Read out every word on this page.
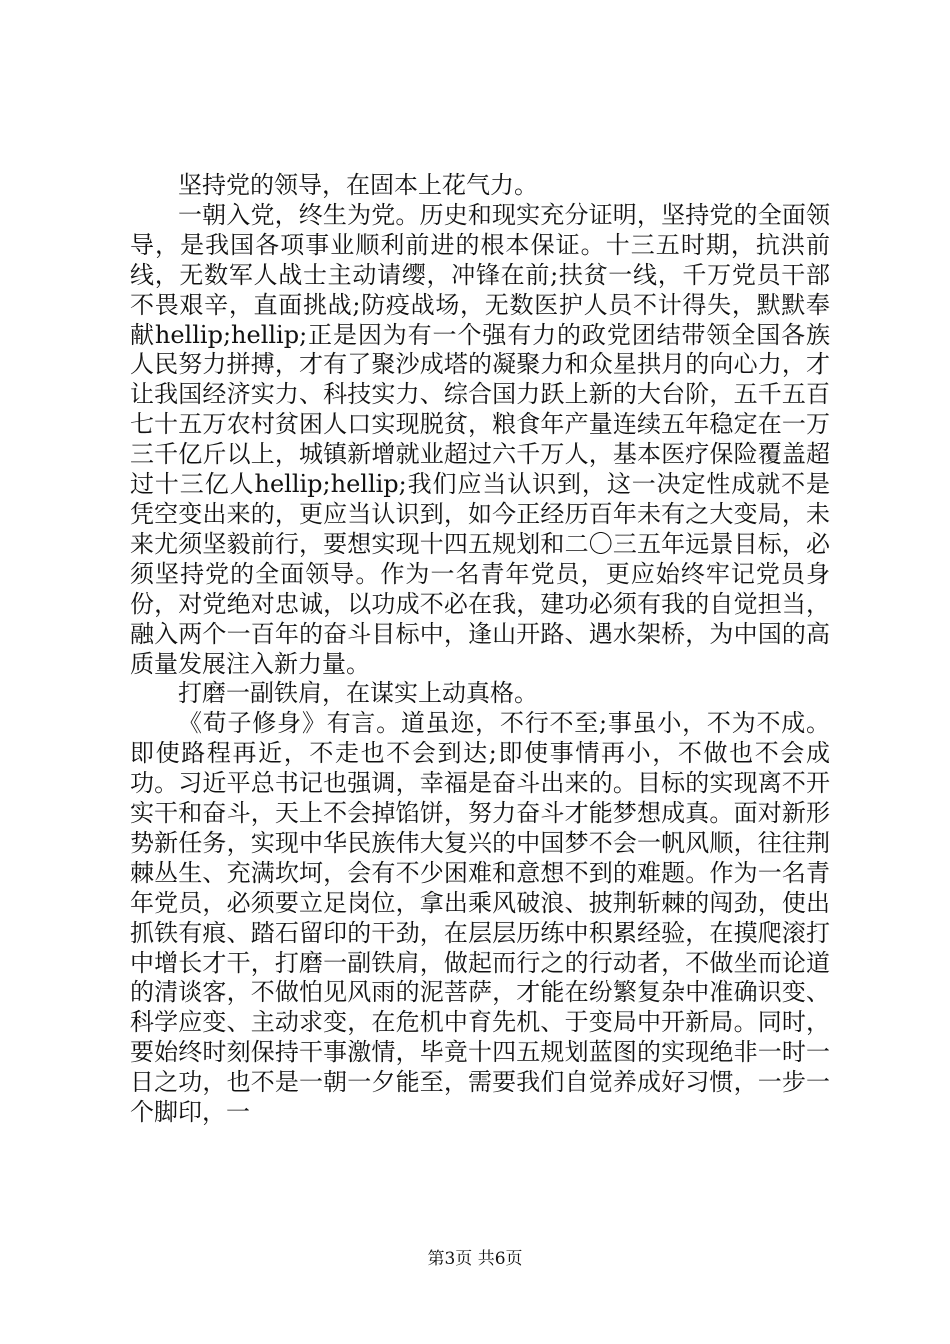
坚持党的领导，在固本上花气力。

一朝入党，终生为党。历史和现实充分证明，坚持党的全面领导，是我国各项事业顺利前进的根本保证。十三五时期，抗洪前线，无数军人战士主动请缨，冲锋在前;扶贫一线，千万党员干部不畏艰辛，直面挑战;防疫战场，无数医护人员不计得失，默默奉献hellip;hellip;正是因为有一个强有力的政党团结带领全国各族人民努力拼搏，才有了聚沙成塔的凝聚力和众星拱月的向心力，才让我国经济实力、科技实力、综合国力跃上新的大台阶，五千五百七十五万农村贫困人口实现脱贫，粮食年产量连续五年稳定在一万三千亿斤以上，城镇新增就业超过六千万人，基本医疗保险覆盖超过十三亿人hellip;hellip;我们应当认识到，这一决定性成就不是凭空变出来的，更应当认识到，如今正经历百年未有之大变局，未来尤须坚毅前行，要想实现十四五规划和二〇三五年远景目标，必须坚持党的全面领导。作为一名青年党员，更应始终牢记党员身份，对党绝对忠诚，以功成不必在我，建功必须有我的自觉担当，融入两个一百年的奋斗目标中，逢山开路、遇水架桥，为中国的高质量发展注入新力量。

打磨一副铁肩，在谋实上动真格。

《荀子修身》有言。道虽迩，不行不至;事虽小，不为不成。即使路程再近，不走也不会到达;即使事情再小，不做也不会成功。习近平总书记也强调，幸福是奋斗出来的。目标的实现离不开实干和奋斗，天上不会掉馅饼，努力奋斗才能梦想成真。面对新形势新任务，实现中华民族伟大复兴的中国梦不会一帆风顺，往往荆棘丛生、充满坎坷，会有不少困难和意想不到的难题。作为一名青年党员，必须要立足岗位，拿出乘风破浪、披荆斩棘的闯劲，使出抓铁有痕、踏石留印的干劲，在层层历练中积累经验，在摸爬滚打中增长才干，打磨一副铁肩，做起而行之的行动者，不做坐而论道的清谈客，不做怕见风雨的泥菩萨，才能在纷繁复杂中准确识变、科学应变、主动求变，在危机中育先机、于变局中开新局。同时，要始终时刻保持干事激情，毕竟十四五规划蓝图的实现绝非一时一日之功，也不是一朝一夕能至，需要我们自觉养成好习惯，一步一个脚印，一

第3页 共6页
